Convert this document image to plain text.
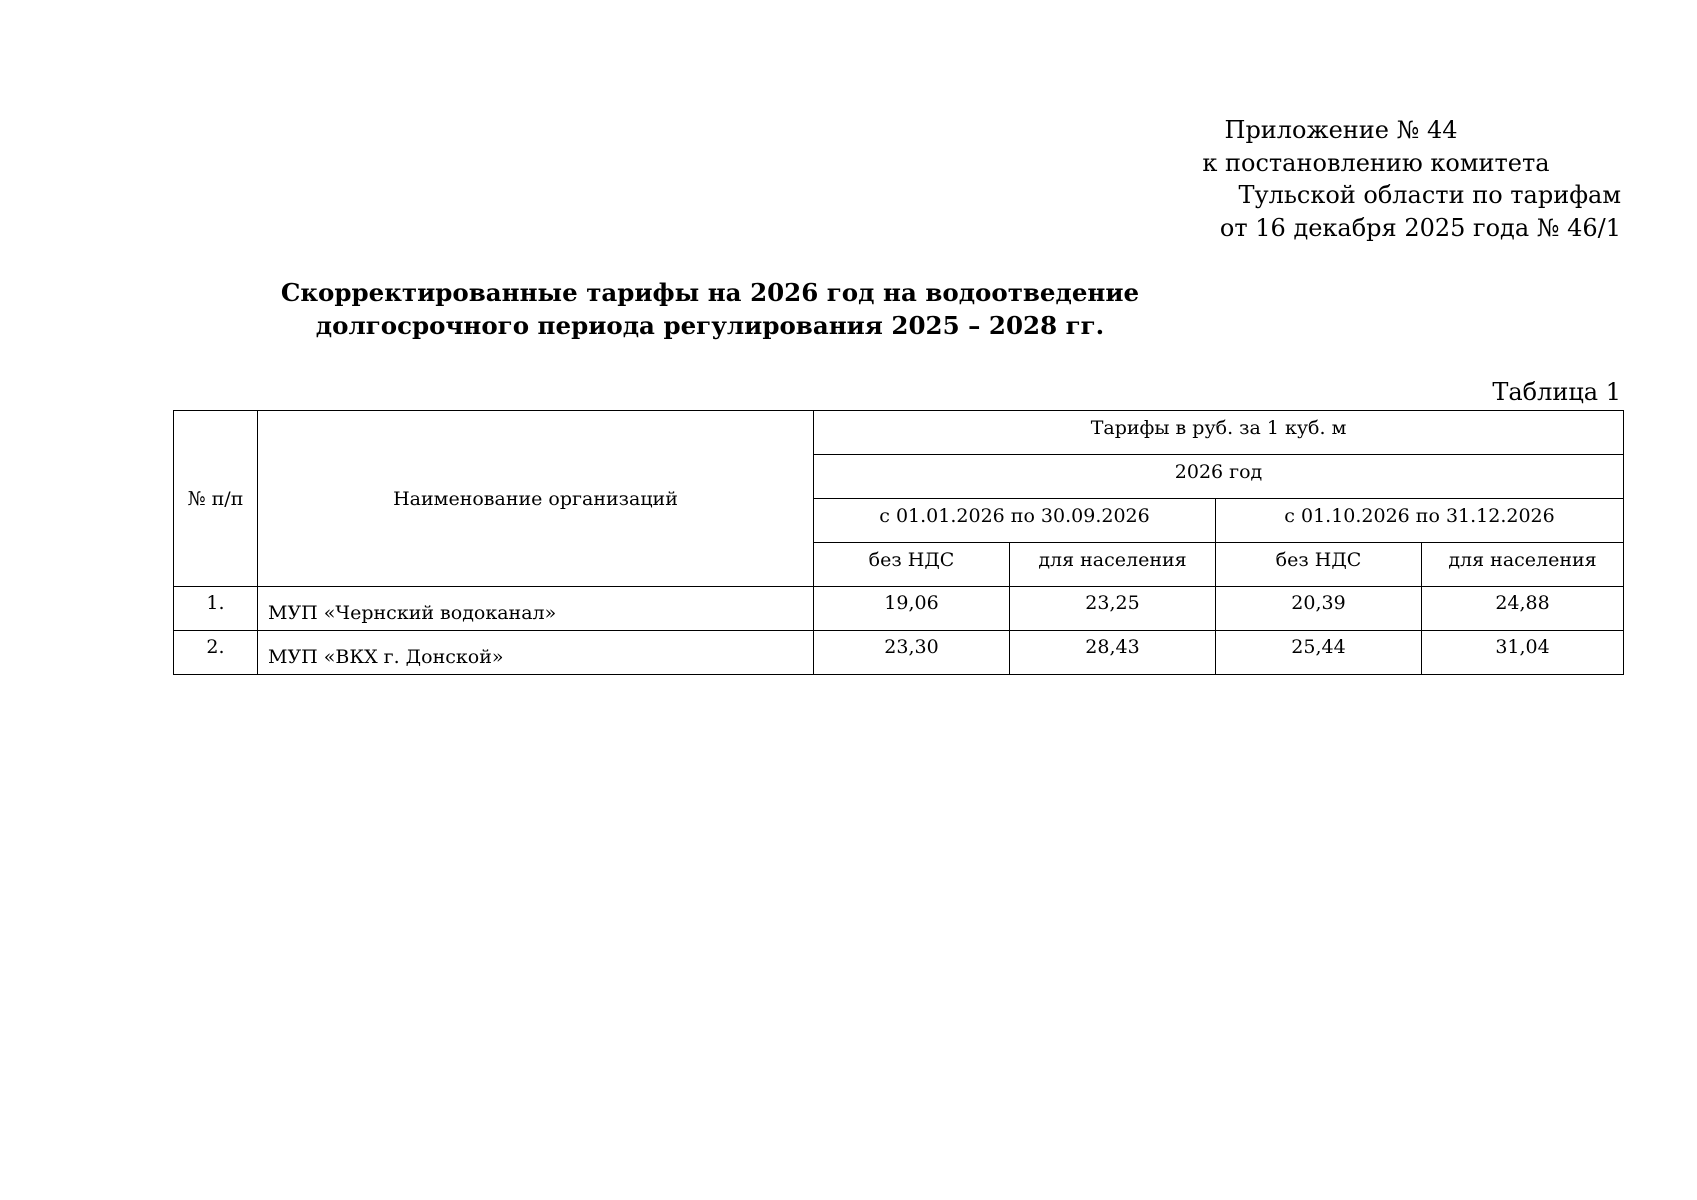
Приложение № 44
к постановлению комитета
Тульской области по тарифам
от 16 декабря 2025 года № 46/1
Скорректированные тарифы на 2026 год на водоотведение
долгосрочного периода регулирования 2025 – 2028 гг.
Таблица 1
№ п/п	Наименование организаций	Тарифы в руб. за 1 куб. м			
		2026 год			
		с 01.01.2026 по 30.09.2026		с 01.10.2026 по 31.12.2026	
		без НДС	для населения	без НДС	для населения
1.	МУП «Чернский водоканал»	19,06	23,25	20,39	24,88
2.	МУП «ВКХ г. Донской»	23,30	28,43	25,44	31,04
